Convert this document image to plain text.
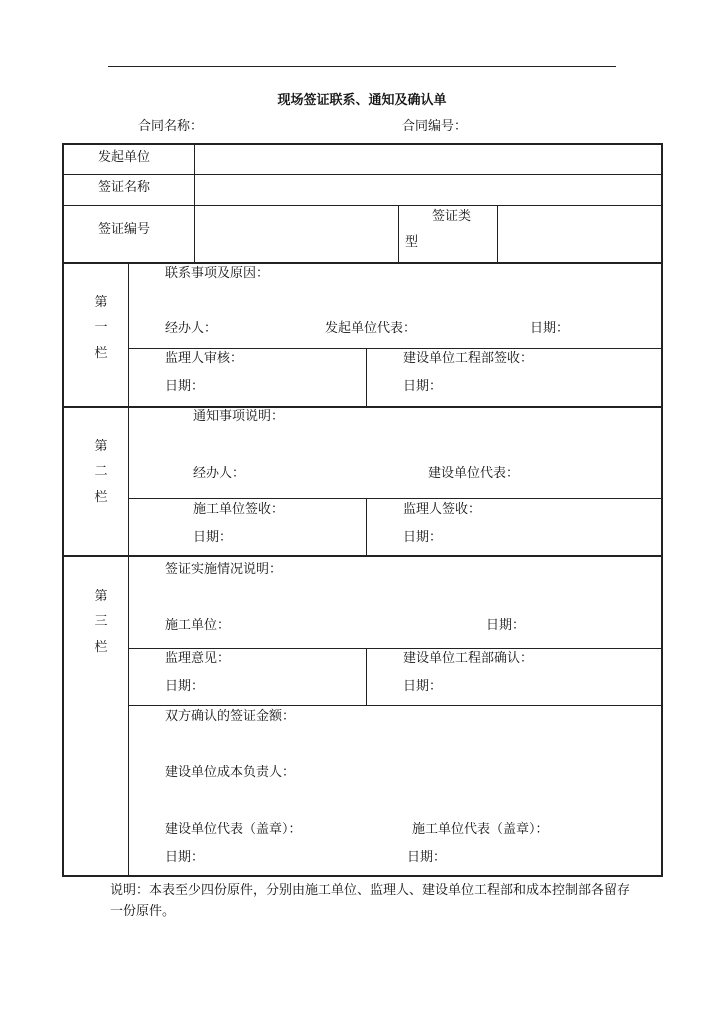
现场签证联系、通知及确认单
合同名称：	合同编号：
发起单位
签证名称
签证编号
签证类
型
第一栏
联系事项及原因：
经办人：	发起单位代表：	日期：
监理人审核：	建设单位工程部签收：
日期：	日期：
第二栏
通知事项说明：
经办人：	建设单位代表：
施工单位签收：	监理人签收：
日期：	日期：
第三栏
签证实施情况说明：
施工单位：	日期：
监理意见：	建设单位工程部确认：
日期：	日期：
双方确认的签证金额：
建设单位成本负责人：
建设单位代表（盖章）：	施工单位代表（盖章）：
日期：	日期：
说明：本表至少四份原件，分别由施工单位、监理人、建设单位工程部和成本控制部各留存一份原件。
